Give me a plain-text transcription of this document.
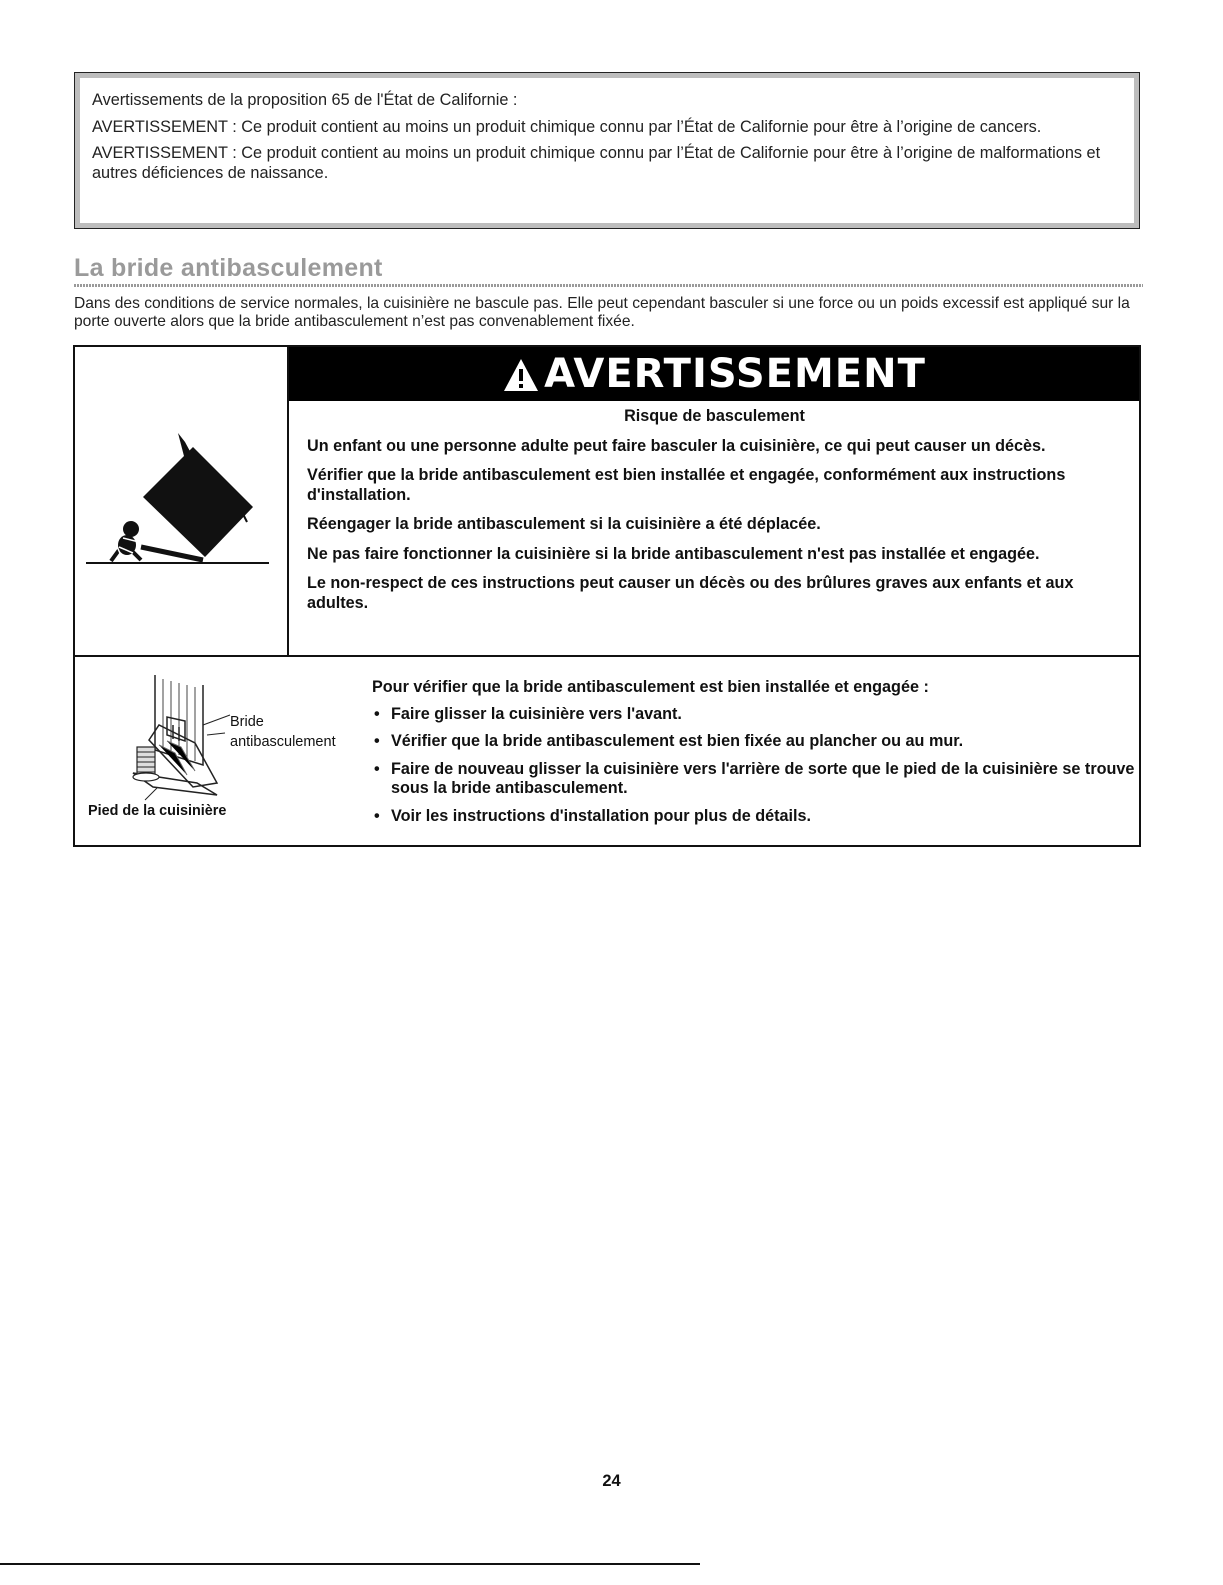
Avertissements de la proposition 65 de l'État de Californie :

AVERTISSEMENT : Ce produit contient au moins un produit chimique connu par l’État de Californie pour être à l’origine de cancers.

AVERTISSEMENT : Ce produit contient au moins un produit chimique connu par l’État de Californie pour être à l’origine de malformations et autres déficiences de naissance.

La bride antibasculement

Dans des conditions de service normales, la cuisinière ne bascule pas. Elle peut cependant basculer si une force ou un poids excessif est appliqué sur la porte ouverte alors que la bride antibasculement n’est pas convenablement fixée.

AVERTISSEMENT

Risque de basculement

Un enfant ou une personne adulte peut faire basculer la cuisinière, ce qui peut causer un décès.

Vérifier que la bride antibasculement est bien installée et engagée, conformément aux instructions d'installation.

Réengager la bride antibasculement si la cuisinière a été déplacée.

Ne pas faire fonctionner la cuisinière si la bride antibasculement n'est pas installée et engagée.

Le non-respect de ces instructions peut causer un décès ou des brûlures graves aux enfants et aux adultes.

Bride
antibasculement
Pied de la cuisinière

Pour vérifier que la bride antibasculement est bien installée et engagée :

• Faire glisser la cuisinière vers l'avant.
• Vérifier que la bride antibasculement est bien fixée au plancher ou au mur.
• Faire de nouveau glisser la cuisinière vers l'arrière de sorte que le pied de la cuisinière se trouve sous la bride antibasculement.
• Voir les instructions d'installation pour plus de détails.
24
